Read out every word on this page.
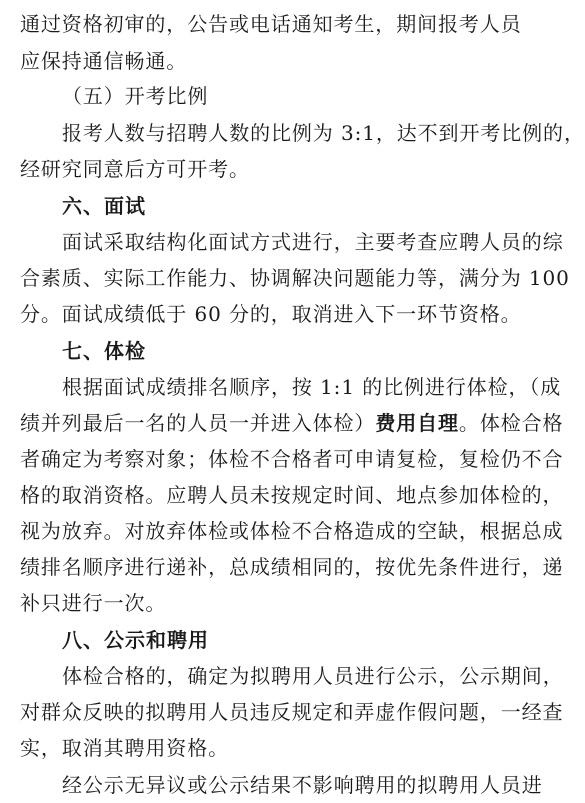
通过资格初审的，公告或电话通知考生，期间报考人员
应保持通信畅通。
（五）开考比例
报考人数与招聘人数的比例为 3:1，达不到开考比例的，
经研究同意后方可开考。
六、面试
面试采取结构化面试方式进行，主要考查应聘人员的综
合素质、实际工作能力、协调解决问题能力等，满分为 100
分。面试成绩低于 60 分的，取消进入下一环节资格。
七、体检
根据面试成绩排名顺序，按 1:1 的比例进行体检，（成
绩并列最后一名的人员一并进入体检）费用自理。体检合格
者确定为考察对象；体检不合格者可申请复检，复检仍不合
格的取消资格。应聘人员未按规定时间、地点参加体检的，
视为放弃。对放弃体检或体检不合格造成的空缺，根据总成
绩排名顺序进行递补，总成绩相同的，按优先条件进行，递
补只进行一次。
八、公示和聘用
体检合格的，确定为拟聘用人员进行公示，公示期间，
对群众反映的拟聘用人员违反规定和弄虚作假问题，一经查
实，取消其聘用资格。
经公示无异议或公示结果不影响聘用的拟聘用人员进
